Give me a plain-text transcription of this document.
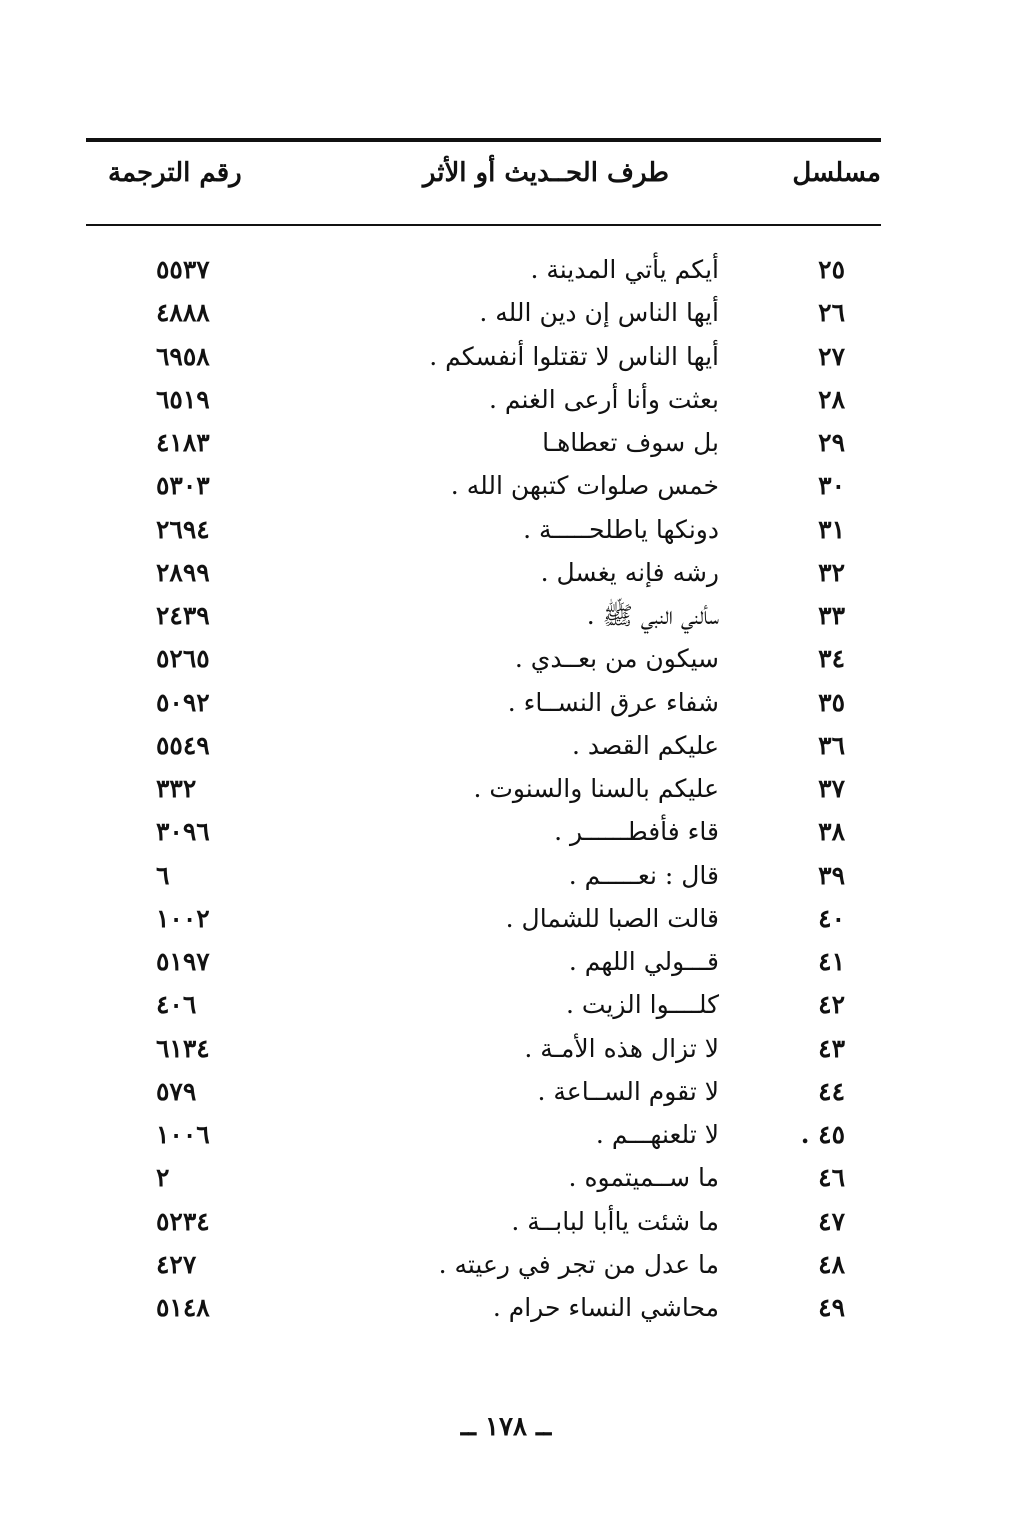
مسلسل
طرف الحــديث أو الأثر
رقم الترجمة
٢٥
أيكم يأتي المدينة .
٥٥٣٧
٢٦
أيها الناس إن دين الله .
٤٨٨٨
٢٧
أيها الناس لا تقتلوا أنفسكم .
٦٩٥٨
٢٨
بعثت وأنا أرعى الغنم .
٦٥١٩
٢٩
بل سوف تعطاهـا
٤١٨٣
٣٠
خمس صلوات كتبهن الله .
٥٣٠٣
٣١
دونكها ياطلحـــــة .
٢٦٩٤
٣٢
رشه فإنه يغسل .
٢٨٩٩
٣٣
سألني النبي ﷺ .
٢٤٣٩
٣٤
سيكون من بعــدي .
٥٢٦٥
٣٥
شفاء عرق النســاء .
٥٠٩٢
٣٦
عليكم القصد .
٥٥٤٩
٣٧
عليكم بالسنا والسنوت .
٣٣٢
٣٨
قاء فأفطــــــر .
٣٠٩٦
٣٩
قال : نعـــــم .
٦
٤٠
قالت الصبا للشمال .
١٠٠٢
٤١
قـــولي اللهم .
٥١٩٧
٤٢
كلــــوا الزيت .
٤٠٦
٤٣
لا تزال هذه الأمـة .
٦١٣٤
٤٤
لا تقوم الســاعة .
٥٧٩
٤٥ .
لا تلعنهـــم .
١٠٠٦
٤٦
ما ســميتموه .
٢
٤٧
ما شئت ياأبا لبابــة .
٥٢٣٤
٤٨
ما عدل من تجر في رعيته .
٤٢٧
٤٩
محاشي النساء حرام .
٥١٤٨
ــ ١٧٨ ــ
